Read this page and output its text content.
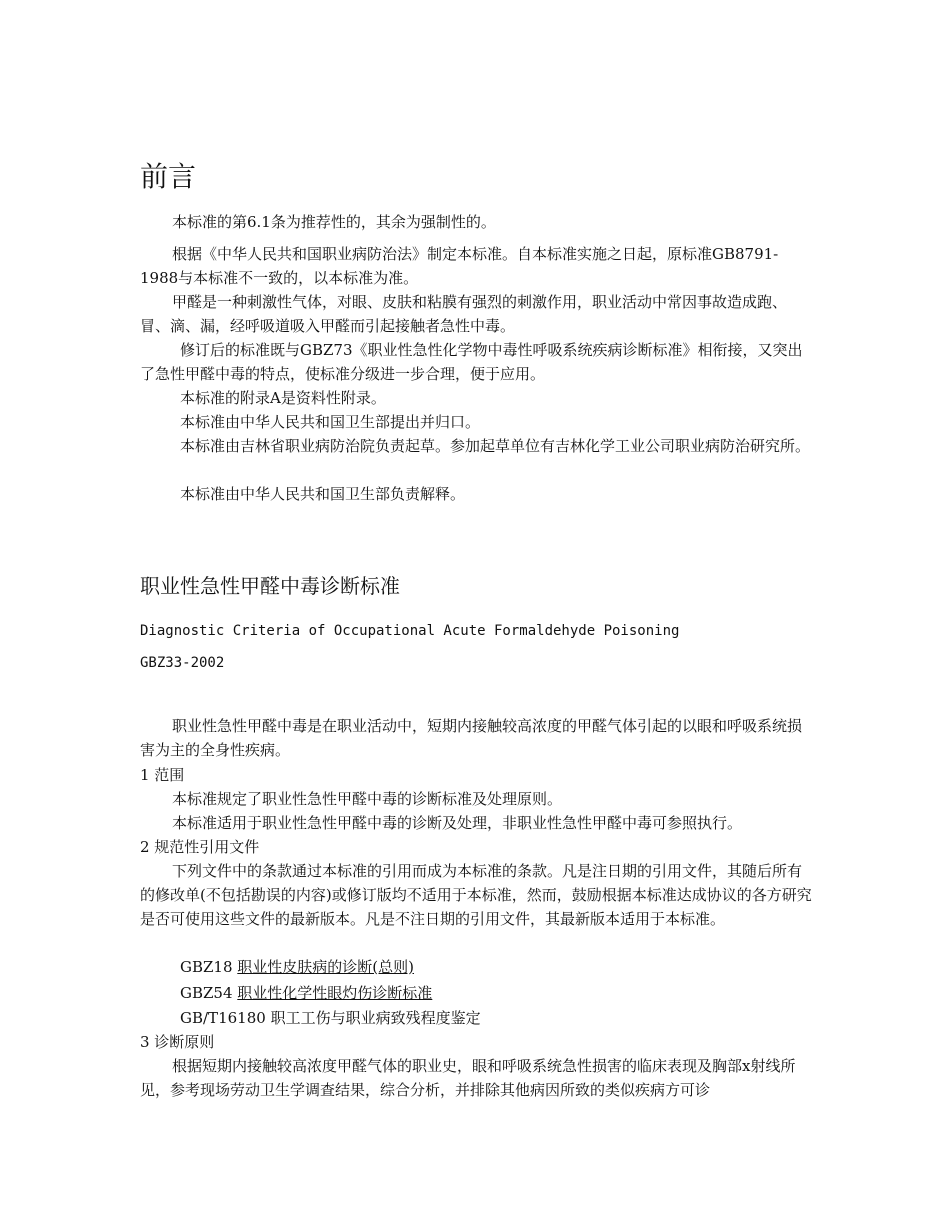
前言

本标准的第6.1条为推荐性的，其余为强制性的。

根据《中华人民共和国职业病防治法》制定本标准。自本标准实施之日起，原标准GB8791-1988与本标准不一致的，以本标准为准。

甲醛是一种刺激性气体，对眼、皮肤和粘膜有强烈的刺激作用，职业活动中常因事故造成跑、冒、滴、漏，经呼吸道吸入甲醛而引起接触者急性中毒。

修订后的标准既与GBZ73《职业性急性化学物中毒性呼吸系统疾病诊断标准》相衔接，又突出了急性甲醛中毒的特点，使标准分级进一步合理，便于应用。

本标准的附录A是资料性附录。

本标准由中华人民共和国卫生部提出并归口。

本标准由吉林省职业病防治院负责起草。参加起草单位有吉林化学工业公司职业病防治研究所。

本标准由中华人民共和国卫生部负责解释。

职业性急性甲醛中毒诊断标准

Diagnostic Criteria of Occupational Acute Formaldehyde Poisoning

GBZ33-2002

职业性急性甲醛中毒是在职业活动中，短期内接触较高浓度的甲醛气体引起的以眼和呼吸系统损害为主的全身性疾病。

1 范围

本标准规定了职业性急性甲醛中毒的诊断标准及处理原则。

本标准适用于职业性急性甲醛中毒的诊断及处理，非职业性急性甲醛中毒可参照执行。

2 规范性引用文件

下列文件中的条款通过本标准的引用而成为本标准的条款。凡是注日期的引用文件，其随后所有的修改单(不包括勘误的内容)或修订版均不适用于本标准，然而，鼓励根据本标准达成协议的各方研究是否可使用这些文件的最新版本。凡是不注日期的引用文件，其最新版本适用于本标准。

GBZ18 职业性皮肤病的诊断(总则)

GBZ54 职业性化学性眼灼伤诊断标准

GB/T16180 职工工伤与职业病致残程度鉴定

3 诊断原则

根据短期内接触较高浓度甲醛气体的职业史，眼和呼吸系统急性损害的临床表现及胸部x射线所见，参考现场劳动卫生学调查结果，综合分析，并排除其他病因所致的类似疾病方可诊
